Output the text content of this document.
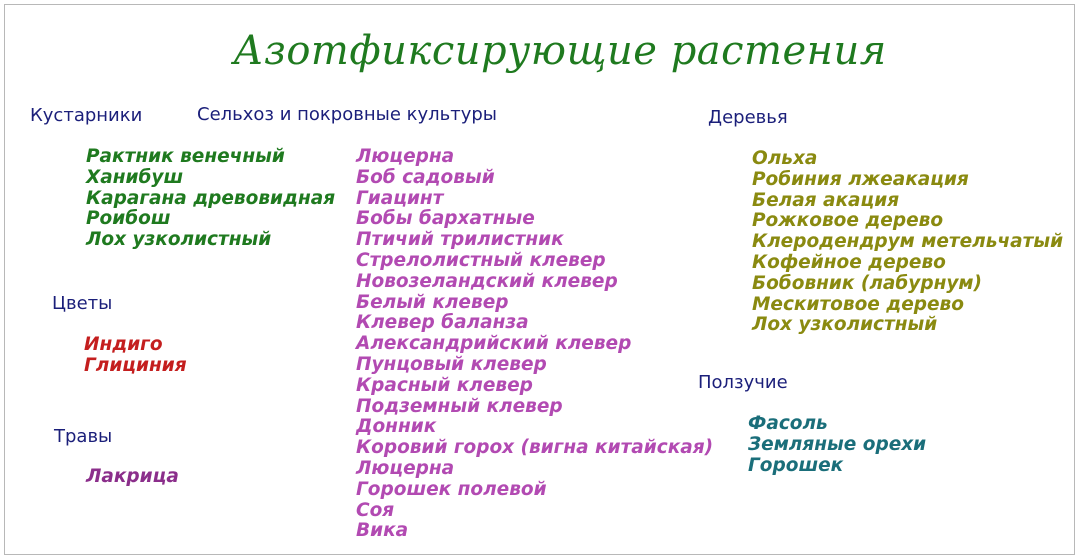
Азотфиксирующие растения
Кустарники
Рактник венечный
Ханибуш
Карагана древовидная
Роибош
Лох узколистный
Цветы
Индиго
Глициния
Травы
Лакрица
Сельхоз и покровные культуры
Люцерна
Боб садовый
Гиацинт
Бобы бархатные
Птичий трилистник
Стрелолистный клевер
Новозеландский клевер
Белый клевер
Клевер баланза
Александрийский клевер
Пунцовый клевер
Красный клевер
Подземный клевер
Донник
Коровий горох (вигна китайская)
Люцерна
Горошек полевой
Соя
Вика
Деревья
Ольха
Робиния лжеакация
Белая акация
Рожковое дерево
Клеродендрум метельчатый
Кофейное дерево
Бобовник (лабурнум)
Мескитовое дерево
Лох узколистный
Ползучие
Фасоль
Земляные орехи
Горошек
